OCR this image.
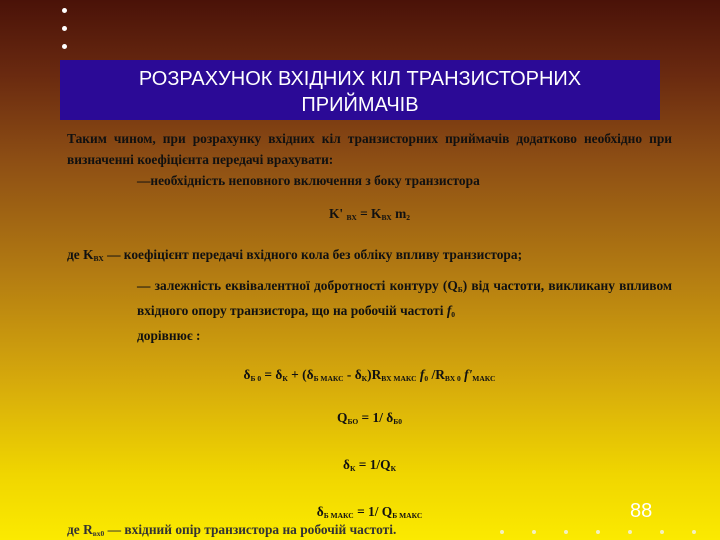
РОЗРАХУНОК ВХІДНИХ КІЛ ТРАНЗИСТОРНИХ
ПРИЙМАЧІВ
Таким чином, при розрахунку вхідних кіл транзисторних приймачів додатково необхідно при визначенні коефіцієнта передачі врахувати:
—необхідність неповного включення з боку транзистора
K' $_{ВХ} = K_{ВХ}$ $m_2$
де $K_{ВХ}$ — коефіцієнт передачі вхідного кола без обліку впливу транзистора;
— залежність еквівалентної добротності контуру $(Q_Б)$ від частоти, викликану впливом вхідного опору транзистора, що на робочій частоті $f_0$
дорівнює :
$\delta_{Б 0} = \delta_К + (\delta_{Б МАКС} - \delta_К)R_{ВХ МАКС}$ $f_0$ $/R_{ВХ 0}$ $f'_{МАКС}$
$Q_{БО} = 1/$ $\delta_{Б0}$
$\delta_К = 1/Q_К$
$\delta_{Б МАКС} = 1/$ $Q_{Б МАКС}$
де $R_{вх0}$ — вхідний опір транзистора на робочій частоті.
88
